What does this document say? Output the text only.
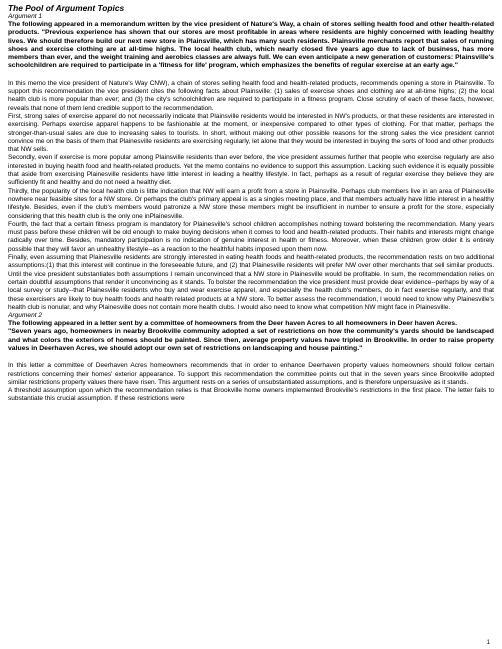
The Pool of Argument Topics
Argument 1
The following appeared in a memorandum written by the vice president of Nature's Way, a chain of stores selling health food and other health-related products. "Previous experience has shown that our stores are most profitable in areas where residents are highly concerned with leading healthy lives. We should therefore build our next new store in Plainsville, which has many such residents. Plainsville merchants report that sales of running shoes and exercise clothing are at all-time highs. The local health club, which nearly closed five years ago due to lack of business, has more members than ever, and the weight training and aerobics classes are always full. We can even anticipate a new generation of customers: Plainsville's schoolchildren are required to participate in a 'fitness for life' program, which emphasizes the benefits of regular exercise at an early age."

In this memo the vice president of Nature's Way CNW), a chain of stores selling health food and health-related products, recommends opening a store in Plainsville. To support this recommendation the vice president cites the following facts about Plainsville: (1) sales of exercise shoes and clothing are at all-time highs; (2) the local health club is more popular than ever; and (3) the city's schoolchildren are required to participate in a fitness program. Close scrutiny of each of these facts, however, reveals that none of them lend credible support to the recommendation.

First, strong sales of exercise apparel do not necessarily indicate that Plainsville residents would be interested in NW's products, or that these residents are interested in exercising. Perhaps exercise apparel happens to be fashionable at the moment, or inexpensive compared to other types of clothing. For that matter, perhaps the stronger-than-usual sales are due to increasing sales to tourists. In short, without making out other possible reasons for the strong sales the vice president cannot convince me on the basis of them that Plainesville residents are exercising regularly, let alone that they would be interested in buying the sorts of food and other products that NW sells.

Secondly, even if exercise is more popular among Plainsville residents than ever before, the vice president assumes further that people who exercise regularly are also interested in buying health food and health-related products. Yet the memo contains no evidence to support this assumption. Lacking such evidence it is equally possible that aside from exercising Plainesville residents have little interest in leading a healthy lifestyle. In fact, perhaps as a result of regular exercise they believe they are sufficiently fit and healthy and do not need a healthy diet.

Thirdly, the popularity of the local health club is little indication that NW will earn a profit from a store in Plainsville. Perhaps club members live in an area of Plainesville nowhere near feasible sites for a NW store. Or perhaps the club's primary appeal is as a singles meeting place, and that members actually have little interest in a healthy lifestyle. Besides, even if the club's members would patronize a NW store these members might be insufficient in number to ensure a profit for the store, especially considering that this health club is the only one inPlainesville.

Fourth, the fact that a certain fitness program is mandatory for Plainesville's school children accomplishes nothing toward bolstering the recommendation. Many years must pass before these children will be old enough to make buying decisions when it comes to food and health-related products. Their habits and interests might change radically over time. Besides, mandatory participation is no indication of genuine interest in health or fitness. Moreover, when these children grow older it is entirely possible that they will favor an unhealthy lifestyle--as a reaction to the healthful habits imposed upon them now.

Finally, even assuming that Plainesville residents are strongly interested in eating health foods and health-related products, the recommendation rests on two additional assumptions:(1) that this interest will continue in the foreseeable future, and (2) that Plainesville residents will prefer NW over other merchants that sell similar products. Until the vice president substantiates both assumptions I remain unconvinced that a NW store in Plainesville would be profitable. In sum, the recommendation relies on certain doubtful assumptions that render it unconvincing as it stands. To bolster the recommendation the vice president must provide dear evidence--perhaps by way of a local survey or study--that Plainesville residents who buy and wear exercise apparel, and especially the health club's members, do in fact exercise regularly, and that these exercisers are likely to buy health foods and health related products at a NW store. To better assess the recommendation, I would need to know why Plainesville's health club is nonular, and why Plainesville does not contain more health clubs. I would also need to know what competition NW might face in Plainesville.

Argument 2
The following appeared in a letter sent by a committee of homeowners from the Deer haven Acres to all homeowners in Deer haven Acres.
"Seven years ago, homeowners in nearby Brookville community adopted a set of restrictions on how the community's yards should be landscaped and what colors the exteriors of homes should be painted. Since then, average property values have tripled in Brookville. In order to raise property values in Deerhaven Acres, we should adopt our own set of restrictions on landscaping and house painting."

In this letter a committee of Deerhaven Acres homeowners recommends that in order to enhance Deerhaven property values homeowners should follow certain restrictions concerning their homes' exterior appearance. To support this recommendation the committee points out that in the seven years since Brookville adopted similar restrictions property values there have risen. This argument rests on a series of unsubstantiated assumptions, and is therefore unpersuasive as it stands.

A threshold assumption upon which the recommendation relies is that Brookville home owners implemented Brookville's restrictions in the first place. The letter fails to substantiate this crucial assumption. If these restrictions were

1
